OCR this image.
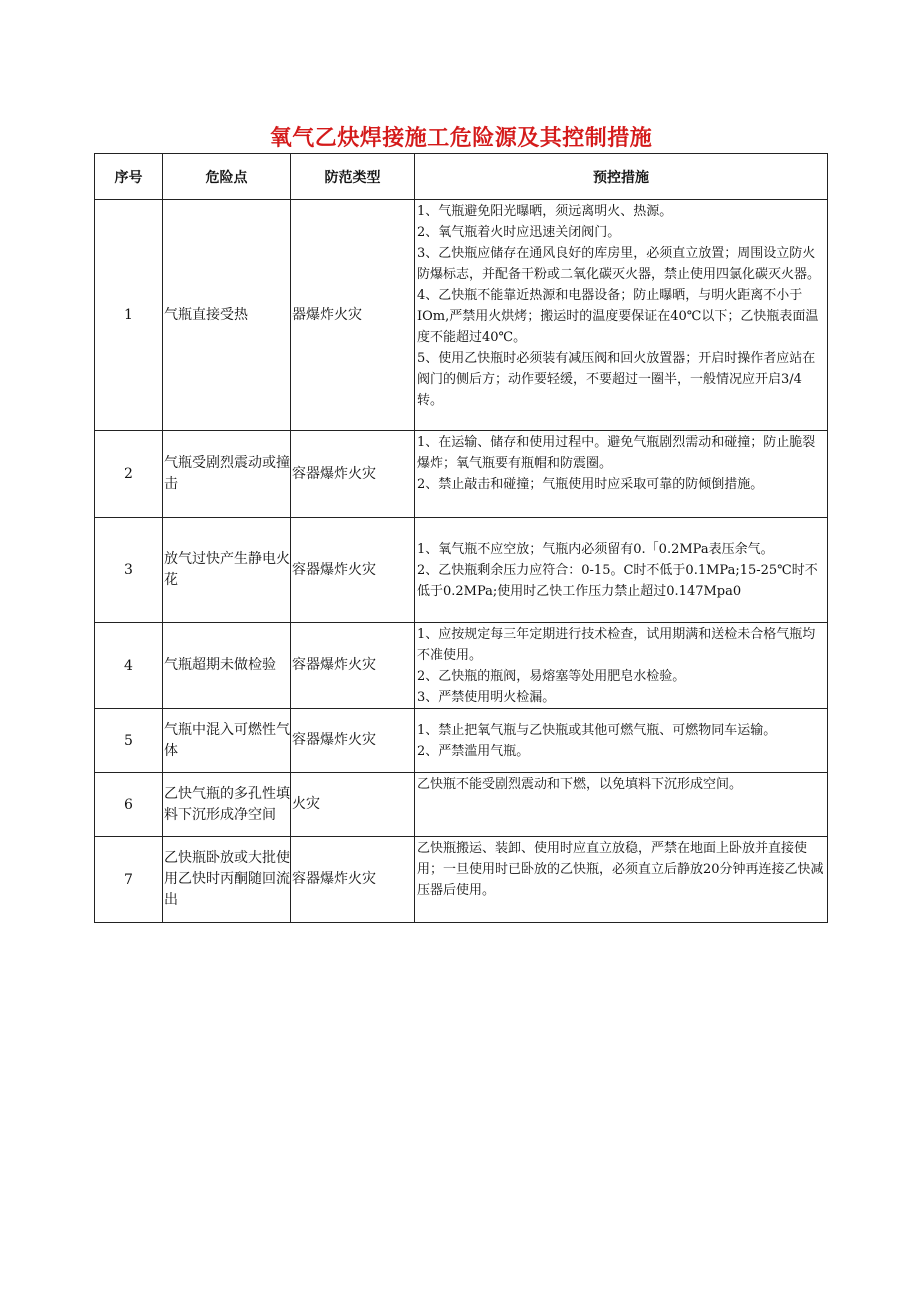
氧气乙炔焊接施工危险源及其控制措施
序号	危险点	防范类型	预控措施
1	气瓶直接受热	器爆炸火灾	1、气瓶避免阳光曝晒，须远离明火、热源。
2、氧气瓶着火时应迅速关闭阀门。
3、乙快瓶应储存在通风良好的库房里，必须直立放置；周围设立防火防爆标志，并配备干粉或二氧化碳灭火器，禁止使用四氯化碳灭火器。
4、乙快瓶不能靠近热源和电器设备；防止曝晒，与明火距离不小于IOm,严禁用火烘烤；搬运时的温度要保证在40℃以下；乙快瓶表面温度不能超过40℃。
5、使用乙快瓶时必须装有减压阀和回火放置器；开启时操作者应站在阀门的侧后方；动作要轻缓，不要超过一圈半，一般情况应开启3/4转。

2	气瓶受剧烈震动或撞击	容器爆炸火灾	1、在运输、储存和使用过程中。避免气瓶剧烈需动和碰撞；防止脆裂爆炸；氧气瓶要有瓶帽和防震圈。
2、禁止敲击和碰撞；气瓶使用时应采取可靠的防倾倒措施。

3	放气过快产生静电火花	容器爆炸火灾	1、氧气瓶不应空放；气瓶内必须留有0.「0.2MPa表压余气。
2、乙快瓶剩余压力应符合：0-15。C时不低于0.1MPa;15-25℃时不低于0.2MPa;使用时乙快工作压力禁止超过0.147Mpa0

4	气瓶超期未做检验	容器爆炸火灾	1、应按规定每三年定期进行技术检查，试用期满和送检未合格气瓶均不准使用。
2、乙快瓶的瓶阀，易熔塞等处用肥皂水检验。
3、严禁使用明火检漏。

5	气瓶中混入可燃性气体	容器爆炸火灾	1、禁止把氧气瓶与乙快瓶或其他可燃气瓶、可燃物同车运输。
2、严禁滥用气瓶。

6	乙快气瓶的多孔性填料下沉形成净空间	火灾	乙快瓶不能受剧烈震动和下燃，以免填料下沉形成空间。

7	乙快瓶卧放或大批使用乙快时丙酮随回流出	容器爆炸火灾	乙快瓶搬运、装卸、使用时应直立放稳，严禁在地面上卧放并直接使用；一旦使用时已卧放的乙快瓶，必须直立后静放20分钟再连接乙快减压器后使用。
